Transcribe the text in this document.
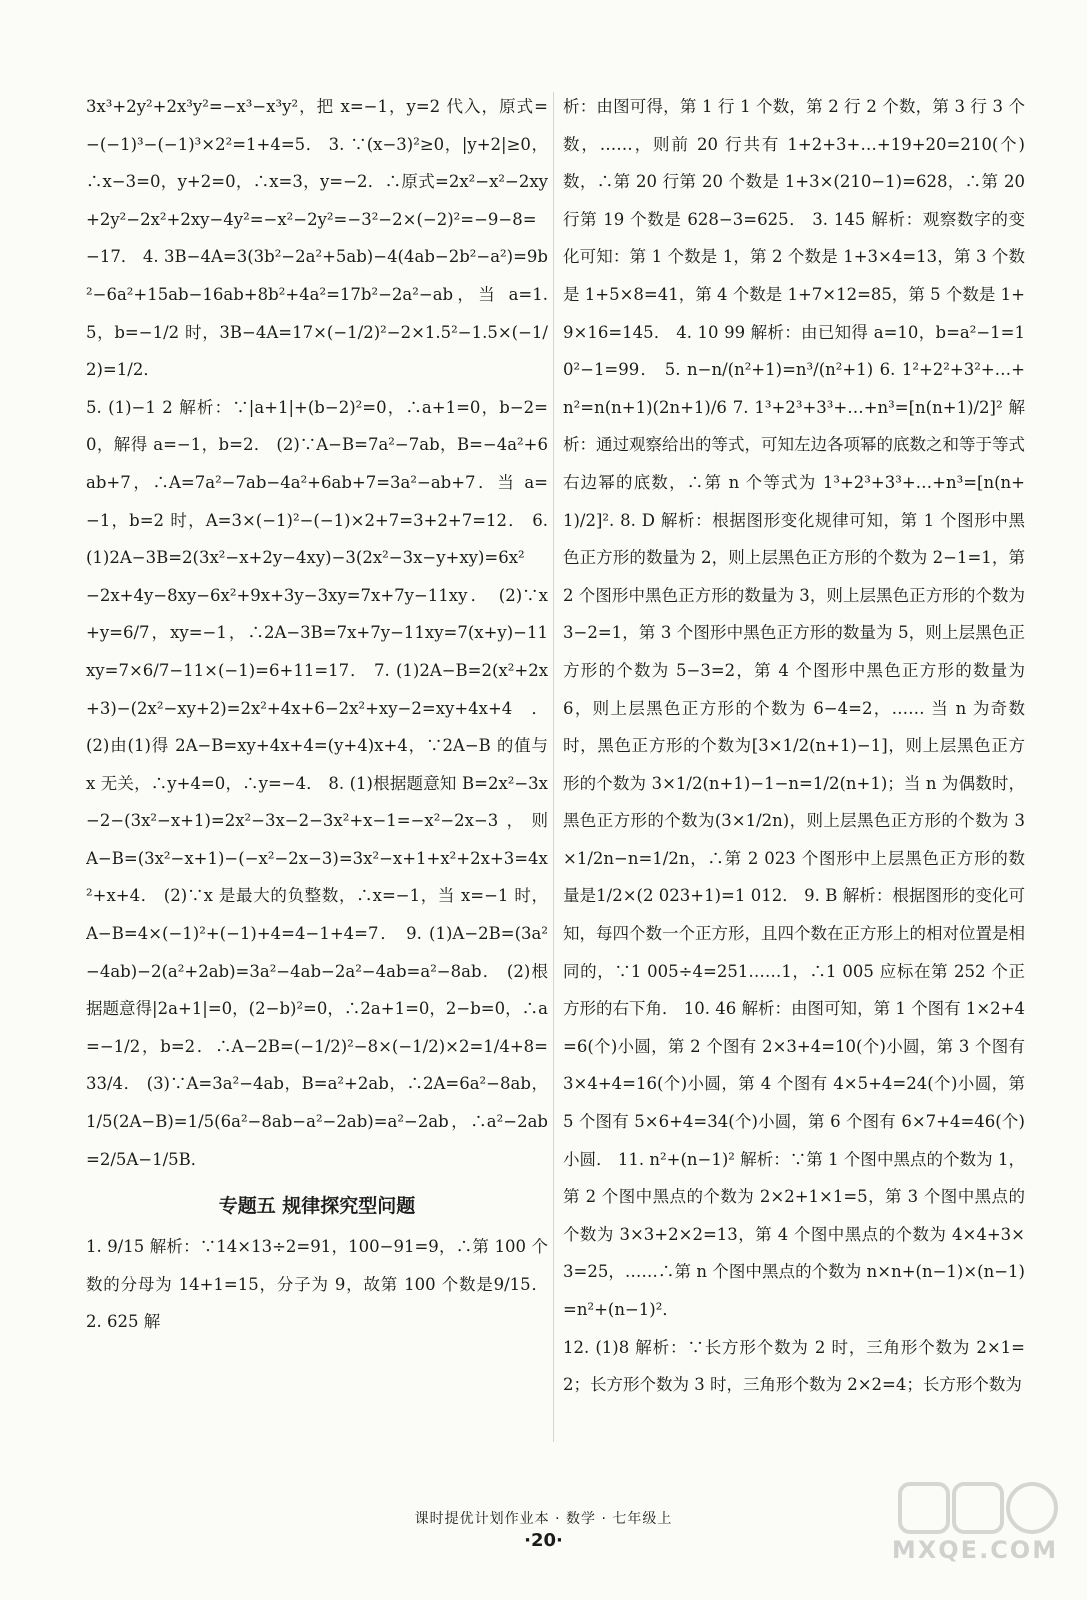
3x³+2y²+2x³y²=−x³−x³y²，把 x=−1，y=2 代入，原式=−(−1)³−(−1)³×2²=1+4=5． 3. ∵(x−3)²≥0，|y+2|≥0，∴x−3=0，y+2=0，∴x=3，y=−2．∴原式=2x²−x²−2xy+2y²−2x²+2xy−4y²=−x²−2y²=−3²−2×(−2)²=−9−8=−17． 4. 3B−4A=3(3b²−2a²+5ab)−4(4ab−2b²−a²)=9b²−6a²+15ab−16ab+8b²+4a²=17b²−2a²−ab，当 a=1.5，b=−1/2 时，3B−4A=17×(−1/2)²−2×1.5²−1.5×(−1/2)=1/2．

5. (1)−1 2 解析：∵|a+1|+(b−2)²=0，∴a+1=0，b−2=0，解得 a=−1，b=2． (2)∵A−B=7a²−7ab，B=−4a²+6ab+7，∴A=7a²−7ab−4a²+6ab+7=3a²−ab+7．当 a=−1，b=2 时，A=3×(−1)²−(−1)×2+7=3+2+7=12． 6. (1)2A−3B=2(3x²−x+2y−4xy)−3(2x²−3x−y+xy)=6x²−2x+4y−8xy−6x²+9x+3y−3xy=7x+7y−11xy． (2)∵x+y=6/7，xy=−1，∴2A−3B=7x+7y−11xy=7(x+y)−11xy=7×6/7−11×(−1)=6+11=17． 7. (1)2A−B=2(x²+2x+3)−(2x²−xy+2)=2x²+4x+6−2x²+xy−2=xy+4x+4． (2)由(1)得 2A−B=xy+4x+4=(y+4)x+4，∵2A−B 的值与 x 无关，∴y+4=0，∴y=−4． 8. (1)根据题意知 B=2x²−3x−2−(3x²−x+1)=2x²−3x−2−3x²+x−1=−x²−2x−3，则 A−B=(3x²−x+1)−(−x²−2x−3)=3x²−x+1+x²+2x+3=4x²+x+4． (2)∵x 是最大的负整数，∴x=−1，当 x=−1 时，A−B=4×(−1)²+(−1)+4=4−1+4=7． 9. (1)A−2B=(3a²−4ab)−2(a²+2ab)=3a²−4ab−2a²−4ab=a²−8ab． (2)根据题意得|2a+1|=0，(2−b)²=0，∴2a+1=0，2−b=0，∴a=−1/2，b=2．∴A−2B=(−1/2)²−8×(−1/2)×2=1/4+8=33/4． (3)∵A=3a²−4ab，B=a²+2ab，∴2A=6a²−8ab，1/5(2A−B)=1/5(6a²−8ab−a²−2ab)=a²−2ab，∴a²−2ab=2/5A−1/5B．

专题五 规律探究型问题

1. 9/15 解析：∵14×13÷2=91，100−91=9，∴第 100 个数的分母为 14+1=15，分子为 9，故第 100 个数是9/15． 2. 625 解

析：由图可得，第 1 行 1 个数，第 2 行 2 个数，第 3 行 3 个数，……，则前 20 行共有 1+2+3+…+19+20=210(个)数，∴第 20 行第 20 个数是 1+3×(210−1)=628，∴第 20 行第 19 个数是 628−3=625． 3. 145 解析：观察数字的变化可知：第 1 个数是 1，第 2 个数是 1+3×4=13，第 3 个数是 1+5×8=41，第 4 个数是 1+7×12=85，第 5 个数是 1+9×16=145． 4. 10 99 解析：由已知得 a=10，b=a²−1=10²−1=99． 5. n−n/(n²+1)=n³/(n²+1) 6. 1²+2²+3²+…+n²=n(n+1)(2n+1)/6 7. 1³+2³+3³+…+n³=[n(n+1)/2]² 解析：通过观察给出的等式，可知左边各项幂的底数之和等于等式右边幂的底数，∴第 n 个等式为 1³+2³+3³+…+n³=[n(n+1)/2]². 8. D 解析：根据图形变化规律可知，第 1 个图形中黑色正方形的数量为 2，则上层黑色正方形的个数为 2−1=1，第 2 个图形中黑色正方形的数量为 3，则上层黑色正方形的个数为 3−2=1，第 3 个图形中黑色正方形的数量为 5，则上层黑色正方形的个数为 5−3=2，第 4 个图形中黑色正方形的数量为 6，则上层黑色正方形的个数为 6−4=2，…… 当 n 为奇数时，黑色正方形的个数为[3×1/2(n+1)−1]，则上层黑色正方形的个数为 3×1/2(n+1)−1−n=1/2(n+1)；当 n 为偶数时，黑色正方形的个数为(3×1/2n)，则上层黑色正方形的个数为 3×1/2n−n=1/2n，∴第 2 023 个图形中上层黑色正方形的数量是1/2×(2 023+1)=1 012． 9. B 解析：根据图形的变化可知，每四个数一个正方形，且四个数在正方形上的相对位置是相同的，∵1 005÷4=251……1，∴1 005 应标在第 252 个正方形的右下角． 10. 46 解析：由图可知，第 1 个图有 1×2+4=6(个)小圆，第 2 个图有 2×3+4=10(个)小圆，第 3 个图有 3×4+4=16(个)小圆，第 4 个图有 4×5+4=24(个)小圆，第 5 个图有 5×6+4=34(个)小圆，第 6 个图有 6×7+4=46(个)小圆． 11. n²+(n−1)² 解析：∵第 1 个图中黑点的个数为 1，第 2 个图中黑点的个数为 2×2+1×1=5，第 3 个图中黑点的个数为 3×3+2×2=13，第 4 个图中黑点的个数为 4×4+3×3=25，……∴第 n 个图中黑点的个数为 n×n+(n−1)×(n−1)=n²+(n−1)²．

12. (1)8 解析：∵长方形个数为 2 时，三角形个数为 2×1=2；长方形个数为 3 时，三角形个数为 2×2=4；长方形个数为

课时提优计划作业本 · 数学 · 七年级上
·20·	MXQE.COM
